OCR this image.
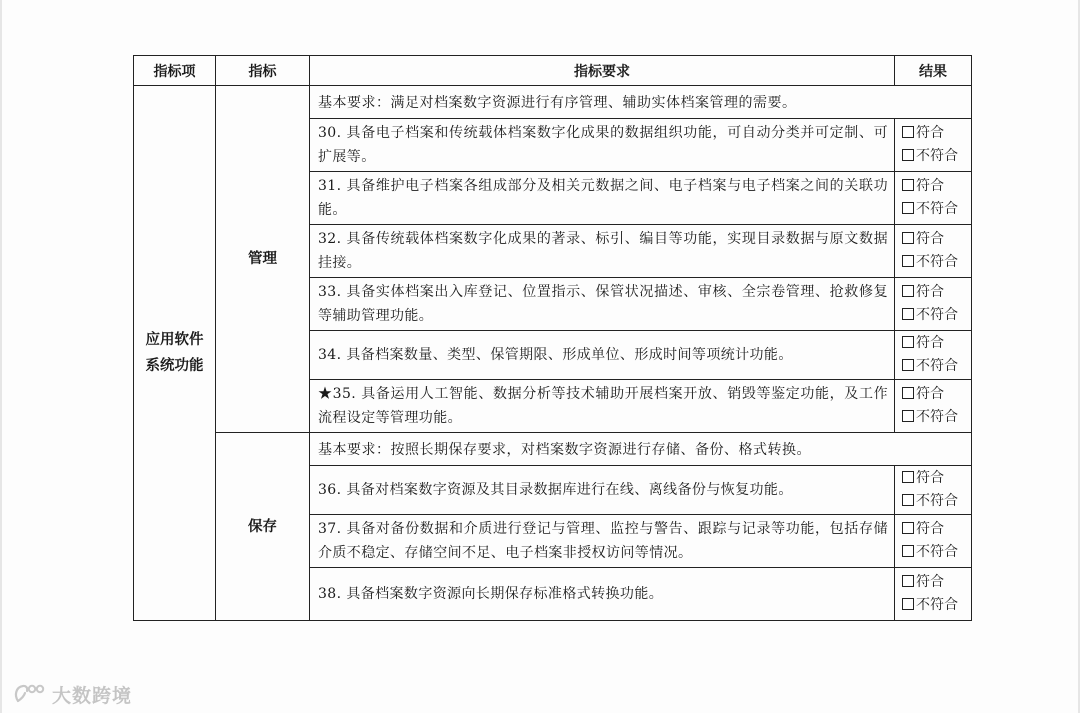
指标项	指标	指标要求	结果
应用软件
系统功能	管理	基本要求：满足对档案数字资源进行有序管理、辅助实体档案管理的需要。	
		30. 具备电子档案和传统载体档案数字化成果的数据组织功能，可自动分类并可定制、可扩展等。	符合
不符合

		31. 具备维护电子档案各组成部分及相关元数据之间、电子档案与电子档案之间的关联功能。	符合
不符合

		32. 具备传统载体档案数字化成果的著录、标引、编目等功能，实现目录数据与原文数据挂接。	符合
不符合

		33. 具备实体档案出入库登记、位置指示、保管状况描述、审核、全宗卷管理、抢救修复等辅助管理功能。	符合
不符合

		34. 具备档案数量、类型、保管期限、形成单位、形成时间等项统计功能。	符合
不符合

		★35. 具备运用人工智能、数据分析等技术辅助开展档案开放、销毁等鉴定功能，及工作流程设定等管理功能。	符合
不符合

	保存	基本要求：按照长期保存要求，对档案数字资源进行存储、备份、格式转换。	
		36. 具备对档案数字资源及其目录数据库进行在线、离线备份与恢复功能。	符合
不符合

		37. 具备对备份数据和介质进行登记与管理、监控与警告、跟踪与记录等功能，包括存储介质不稳定、存储空间不足、电子档案非授权访问等情况。	符合
不符合

		38. 具备档案数字资源向长期保存标准格式转换功能。	符合
不符合
大数跨境
